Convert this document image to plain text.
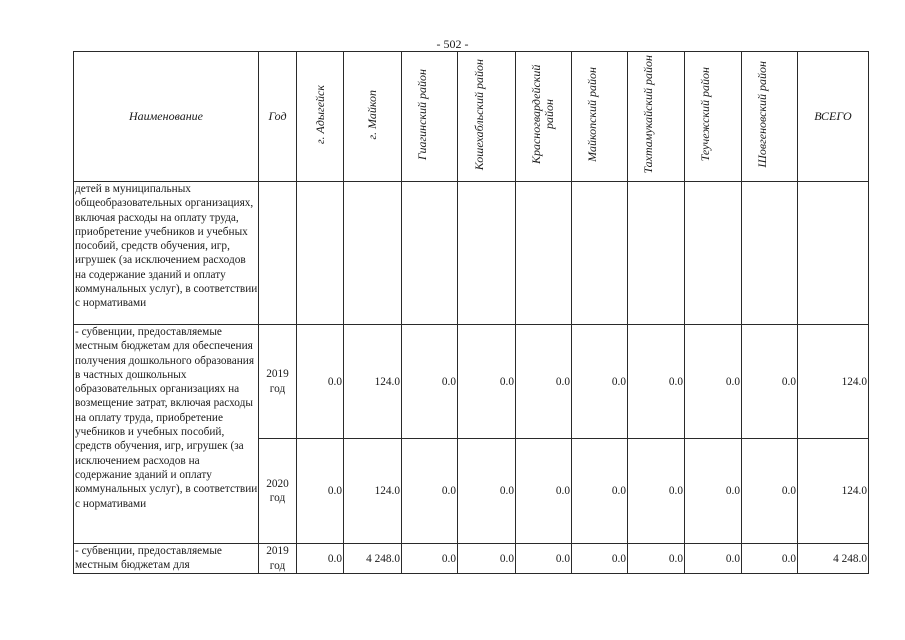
- 502 -
Наименование	Год	г. Адыгейск	г. Майкоп	Гиагинский район	Кошехабльский район	Красногвардейский район	Майкопский район	Тахтамукайский район	Теучежский район	Шовгеновский район	ВСЕГО
детей в муниципальных общеобразовательных организациях, включая расходы на оплату труда, приобретение учебников и учебных пособий, средств обучения, игр, игрушек (за исключением расходов на содержание зданий и оплату коммунальных услуг), в соответствии с нормативами											
- субвенции, предоставляемые местным бюджетам для обеспечения получения дошкольного образования в частных дошкольных образовательных организациях на возмещение затрат, включая расходы на оплату труда, приобретение учебников и учебных пособий, средств обучения, игр, игрушек (за исключением расходов на содержание зданий и оплату коммунальных услуг), в соответствии с нормативами	2019 год	0.0	124.0	0.0	0.0	0.0	0.0	0.0	0.0	0.0	124.0
	2020 год	0.0	124.0	0.0	0.0	0.0	0.0	0.0	0.0	0.0	124.0
- субвенции, предоставляемые местным бюджетам для	2019 год	0.0	4 248.0	0.0	0.0	0.0	0.0	0.0	0.0	0.0	4 248.0
